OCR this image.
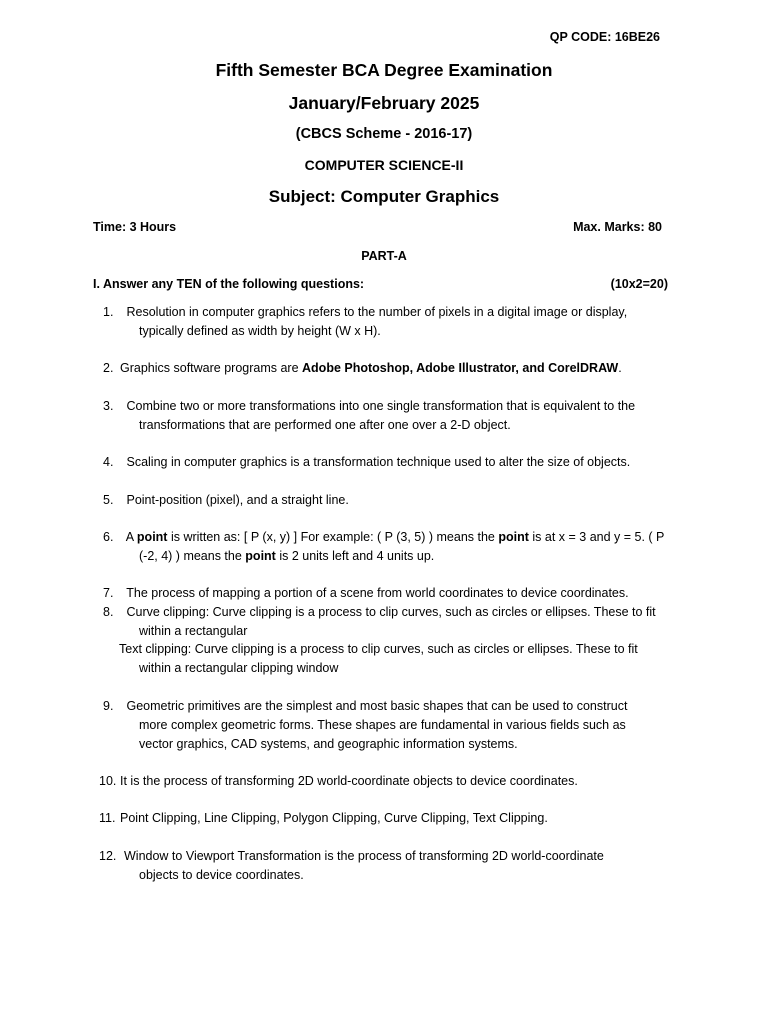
QP CODE: 16BE26
Fifth Semester BCA Degree Examination
January/February 2025
(CBCS Scheme - 2016-17)
COMPUTER SCIENCE-II
Subject: Computer Graphics
Time: 3 Hours	Max. Marks: 80
PART-A
I. Answer any TEN of the following questions:	(10x2=20)
1. Resolution in computer graphics refers to the number of pixels in a digital image or display,
typically defined as width by height (W x H).
2. Graphics software programs are Adobe Photoshop, Adobe Illustrator, and CorelDRAW.
3. Combine two or more transformations into one single transformation that is equivalent to the
transformations that are performed one after one over a 2-D object.
4. Scaling in computer graphics is a transformation technique used to alter the size of objects.
5. Point-position (pixel), and a straight line.
6. A point is written as: [ P (x, y) ] For example: ( P (3, 5) ) means the point is at x = 3 and y = 5. ( P
(-2, 4) ) means the point is 2 units left and 4 units up.
7. The process of mapping a portion of a scene from world coordinates to device coordinates.
8. Curve clipping: Curve clipping is a process to clip curves, such as circles or ellipses. These to fit
within a rectangular
Text clipping: Curve clipping is a process to clip curves, such as circles or ellipses. These to fit
within a rectangular clipping window
9. Geometric primitives are the simplest and most basic shapes that can be used to construct
more complex geometric forms. These shapes are fundamental in various fields such as
vector graphics, CAD systems, and geographic information systems.
10. It is the process of transforming 2D world-coordinate objects to device coordinates.
11. Point Clipping, Line Clipping, Polygon Clipping, Curve Clipping, Text Clipping.
12. Window to Viewport Transformation is the process of transforming 2D world-coordinate
objects to device coordinates.
